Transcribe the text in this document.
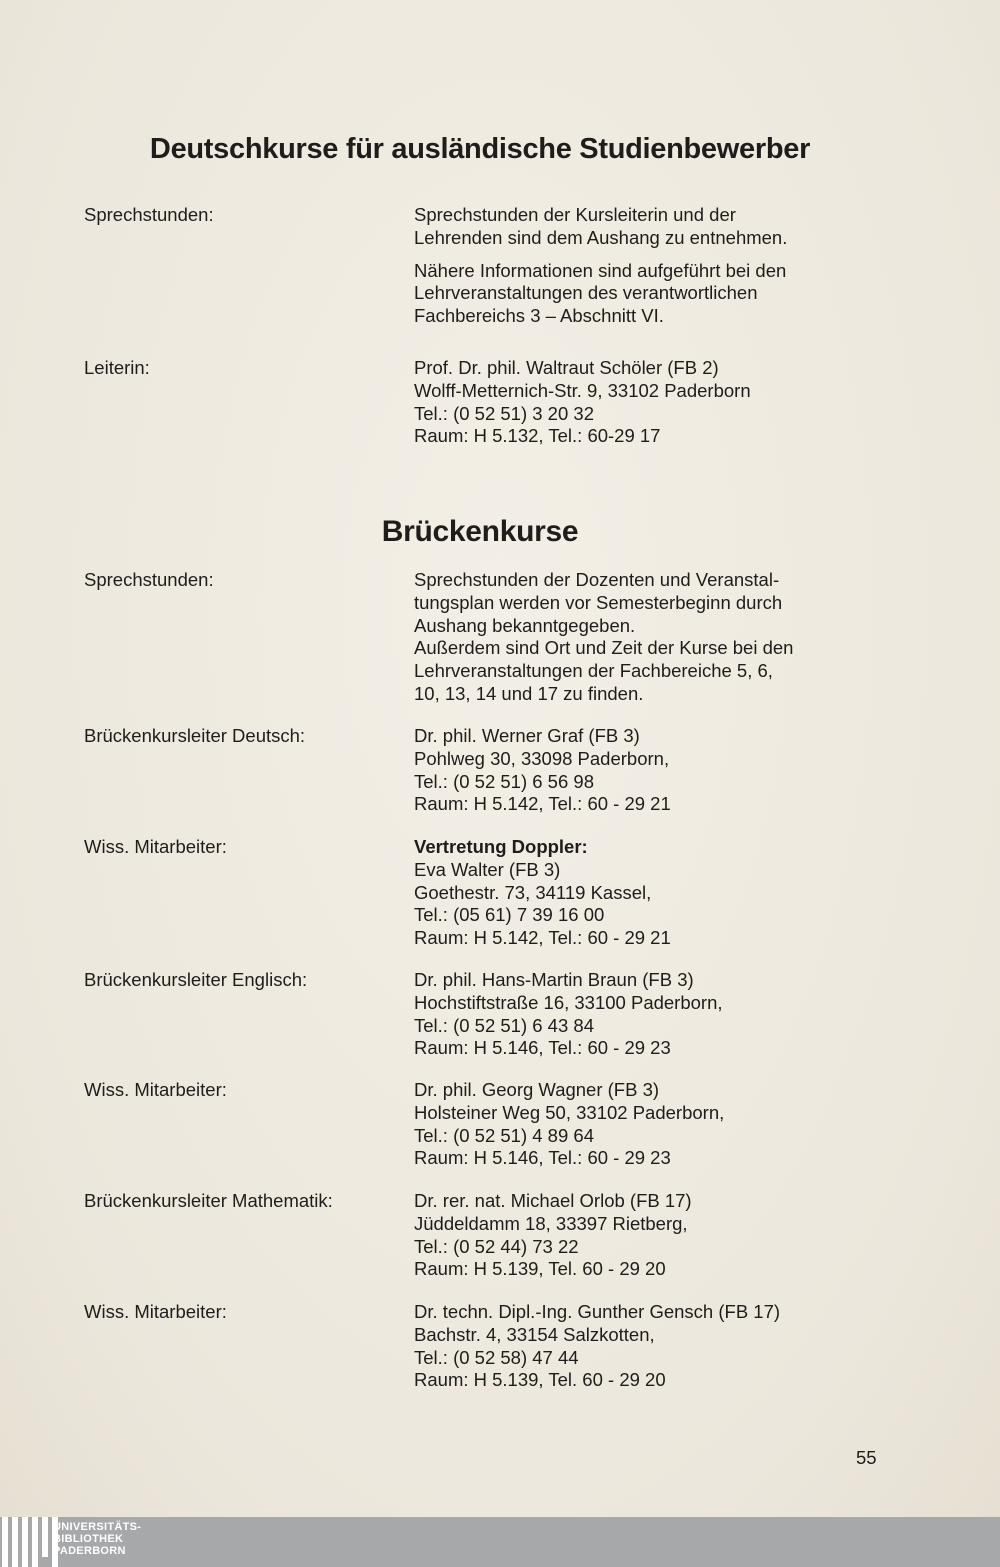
Deutschkurse für ausländische Studienbewerber
Sprechstunden:	Sprechstunden der Kursleiterin und der
Lehrenden sind dem Aushang zu entnehmen.
Nähere Informationen sind aufgeführt bei den
Lehrveranstaltungen des verantwortlichen
Fachbereichs 3 – Abschnitt VI.
Leiterin:	Prof. Dr. phil. Waltraut Schöler (FB 2)
Wolff-Metternich-Str. 9, 33102 Paderborn
Tel.: (0 52 51) 3 20 32
Raum: H 5.132, Tel.: 60-29 17
Brückenkurse
Sprechstunden:	Sprechstunden der Dozenten und Veranstal-
tungsplan werden vor Semesterbeginn durch
Aushang bekanntgegeben.
Außerdem sind Ort und Zeit der Kurse bei den
Lehrveranstaltungen der Fachbereiche 5, 6,
10, 13, 14 und 17 zu finden.
Brückenkursleiter Deutsch:	Dr. phil. Werner Graf (FB 3)
Pohlweg 30, 33098 Paderborn,
Tel.: (0 52 51) 6 56 98
Raum: H 5.142, Tel.: 60 - 29 21
Wiss. Mitarbeiter:	Vertretung Doppler:
Eva Walter (FB 3)
Goethestr. 73, 34119 Kassel,
Tel.: (05 61) 7 39 16 00
Raum: H 5.142, Tel.: 60 - 29 21
Brückenkursleiter Englisch:	Dr. phil. Hans-Martin Braun (FB 3)
Hochstiftstraße 16, 33100 Paderborn,
Tel.: (0 52 51) 6 43 84
Raum: H 5.146, Tel.: 60 - 29 23
Wiss. Mitarbeiter:	Dr. phil. Georg Wagner (FB 3)
Holsteiner Weg 50, 33102 Paderborn,
Tel.: (0 52 51) 4 89 64
Raum: H 5.146, Tel.: 60 - 29 23
Brückenkursleiter Mathematik:	Dr. rer. nat. Michael Orlob (FB 17)
Jüddeldamm 18, 33397 Rietberg,
Tel.: (0 52 44) 73 22
Raum: H 5.139, Tel. 60 - 29 20
Wiss. Mitarbeiter:	Dr. techn. Dipl.-Ing. Gunther Gensch (FB 17)
Bachstr. 4, 33154 Salzkotten,
Tel.: (0 52 58) 47 44
Raum: H 5.139, Tel. 60 - 29 20
55
UNIVERSITÄTS-
BIBLIOTHEK
PADERBORN
